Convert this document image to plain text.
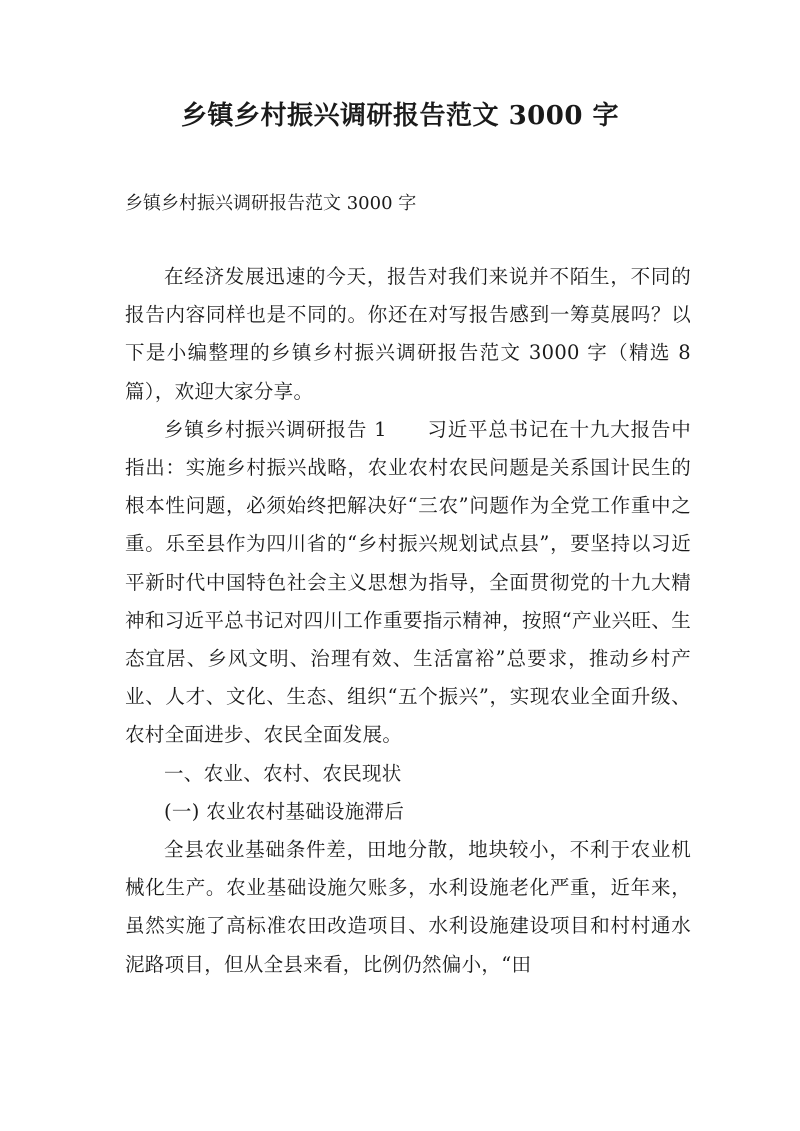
乡镇乡村振兴调研报告范文 3000 字

乡镇乡村振兴调研报告范文 3000 字

在经济发展迅速的今天，报告对我们来说并不陌生，不同的报告内容同样也是不同的。你还在对写报告感到一筹莫展吗？以下是小编整理的乡镇乡村振兴调研报告范文 3000 字（精选 8 篇），欢迎大家分享。

乡镇乡村振兴调研报告 1 习近平总书记在十九大报告中指出：实施乡村振兴战略，农业农村农民问题是关系国计民生的根本性问题，必须始终把解决好“三农”问题作为全党工作重中之重。乐至县作为四川省的“乡村振兴规划试点县”，要坚持以习近平新时代中国特色社会主义思想为指导，全面贯彻党的十九大精神和习近平总书记对四川工作重要指示精神，按照“产业兴旺、生态宜居、乡风文明、治理有效、生活富裕”总要求，推动乡村产业、人才、文化、生态、组织“五个振兴”，实现农业全面升级、农村全面进步、农民全面发展。

一、农业、农村、农民现状

(一) 农业农村基础设施滞后

全县农业基础条件差，田地分散，地块较小，不利于农业机械化生产。农业基础设施欠账多，水利设施老化严重，近年来，虽然实施了高标准农田改造项目、水利设施建设项目和村村通水泥路项目，但从全县来看，比例仍然偏小，“田
